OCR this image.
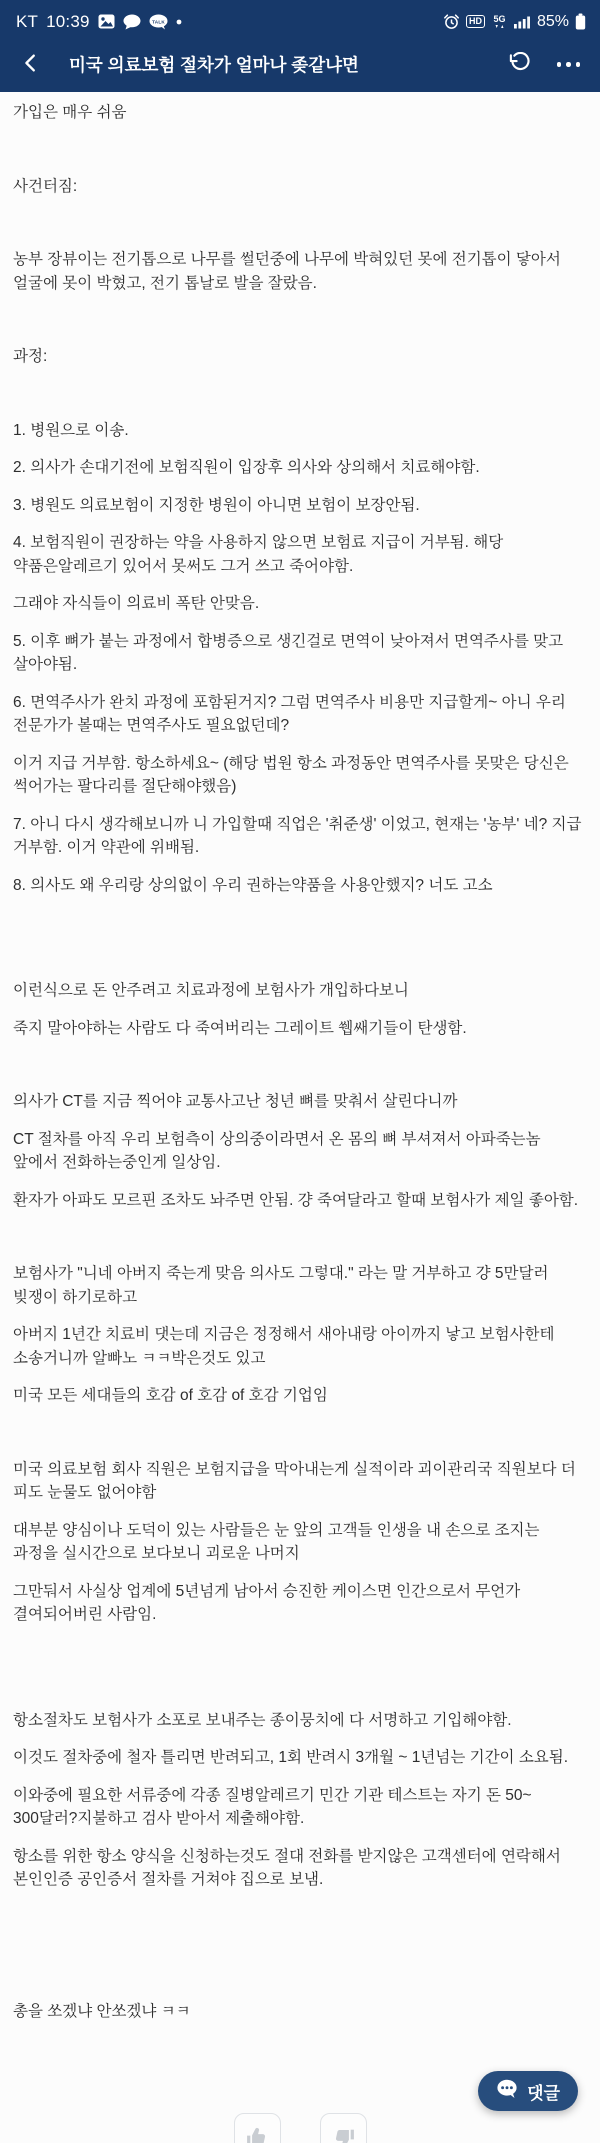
KT 10:39	TALK	HD	5G 85%
미국 의료보험 절차가 얼마나 좆같냐면

가입은 매우 쉬움

사건터짐:

농부 장뷰이는 전기톱으로 나무를 썰던중에 나무에 박혀있던 못에 전기톱이 닿아서 얼굴에 못이 박혔고, 전기 톱날로 발을 잘랐음.

과정:

1. 병원으로 이송.

2. 의사가 손대기전에 보험직원이 입장후 의사와 상의해서 치료해야함.

3. 병원도 의료보험이 지정한 병원이 아니면 보험이 보장안됨.

4. 보험직원이 권장하는 약을 사용하지 않으면 보험료 지급이 거부됨. 해당 약품은알레르기 있어서 못써도 그거 쓰고 죽어야함.

그래야 자식들이 의료비 폭탄 안맞음.

5. 이후 뼈가 붙는 과정에서 합병증으로 생긴걸로 면역이 낮아져서 면역주사를 맞고 살아야됨.

6. 면역주사가 완치 과정에 포함된거지? 그럼 면역주사 비용만 지급할게~ 아니 우리 전문가가 볼때는 면역주사도 필요없던데?

이거 지급 거부함. 항소하세요~ (해당 법원 항소 과정동안 면역주사를 못맞은 당신은 썩어가는 팔다리를 절단해야했음)

7. 아니 다시 생각해보니까 니 가입할때 직업은 '취준생' 이었고, 현재는 '농부' 네? 지급 거부함. 이거 약관에 위배됨.

8. 의사도 왜 우리랑 상의없이 우리 권하는약품을 사용안했지? 너도 고소

이런식으로 돈 안주려고 치료과정에 보험사가 개입하다보니

죽지 말아야하는 사람도 다 죽여버리는 그레이트 쒭쌔기들이 탄생함.

의사가 CT를 지금 찍어야 교통사고난 청년 뼈를 맞춰서 살린다니까

CT 절차를 아직 우리 보험측이 상의중이라면서 온 몸의 뼈 부셔져서 아파죽는놈 앞에서 전화하는중인게 일상임.

환자가 아파도 모르핀 조차도 놔주면 안됨. 걍 죽여달라고 할때 보험사가 제일 좋아함.

보험사가 "니네 아버지 죽는게 맞음 의사도 그렇대." 라는 말 거부하고 걍 5만달러 빚쟁이 하기로하고

아버지 1년간 치료비 댓는데 지금은 정정해서 새아내랑 아이까지 낳고 보험사한테 소송거니까 알빠노 ㅋㅋ박은것도 있고

미국 모든 세대들의 호감 of 호감 of 호감 기업임

미국 의료보험 회사 직원은 보험지급을 막아내는게 실적이라 괴이관리국 직원보다 더 피도 눈물도 없어야함

대부분 양심이나 도덕이 있는 사람들은 눈 앞의 고객들 인생을 내 손으로 조지는 과정을 실시간으로 보다보니 괴로운 나머지

그만둬서 사실상 업계에 5년넘게 남아서 승진한 케이스면 인간으로서 무언가 결여되어버린 사람임.

항소절차도 보험사가 소포로 보내주는 종이뭉치에 다 서명하고 기입해야함.

이것도 절차중에 철자 틀리면 반려되고, 1회 반려시 3개월 ~ 1년넘는 기간이 소요됨.

이와중에 필요한 서류중에 각종 질병알레르기 민간 기관 테스트는 자기 돈 50~ 300달러?지불하고 검사 받아서 제출해야함.

항소를 위한 항소 양식을 신청하는것도 절대 전화를 받지않은 고객센터에 연락해서 본인인증 공인증서 절차를 거쳐야 집으로 보냄.

총을 쏘겠냐 안쏘겠냐 ㅋㅋ

댓글
